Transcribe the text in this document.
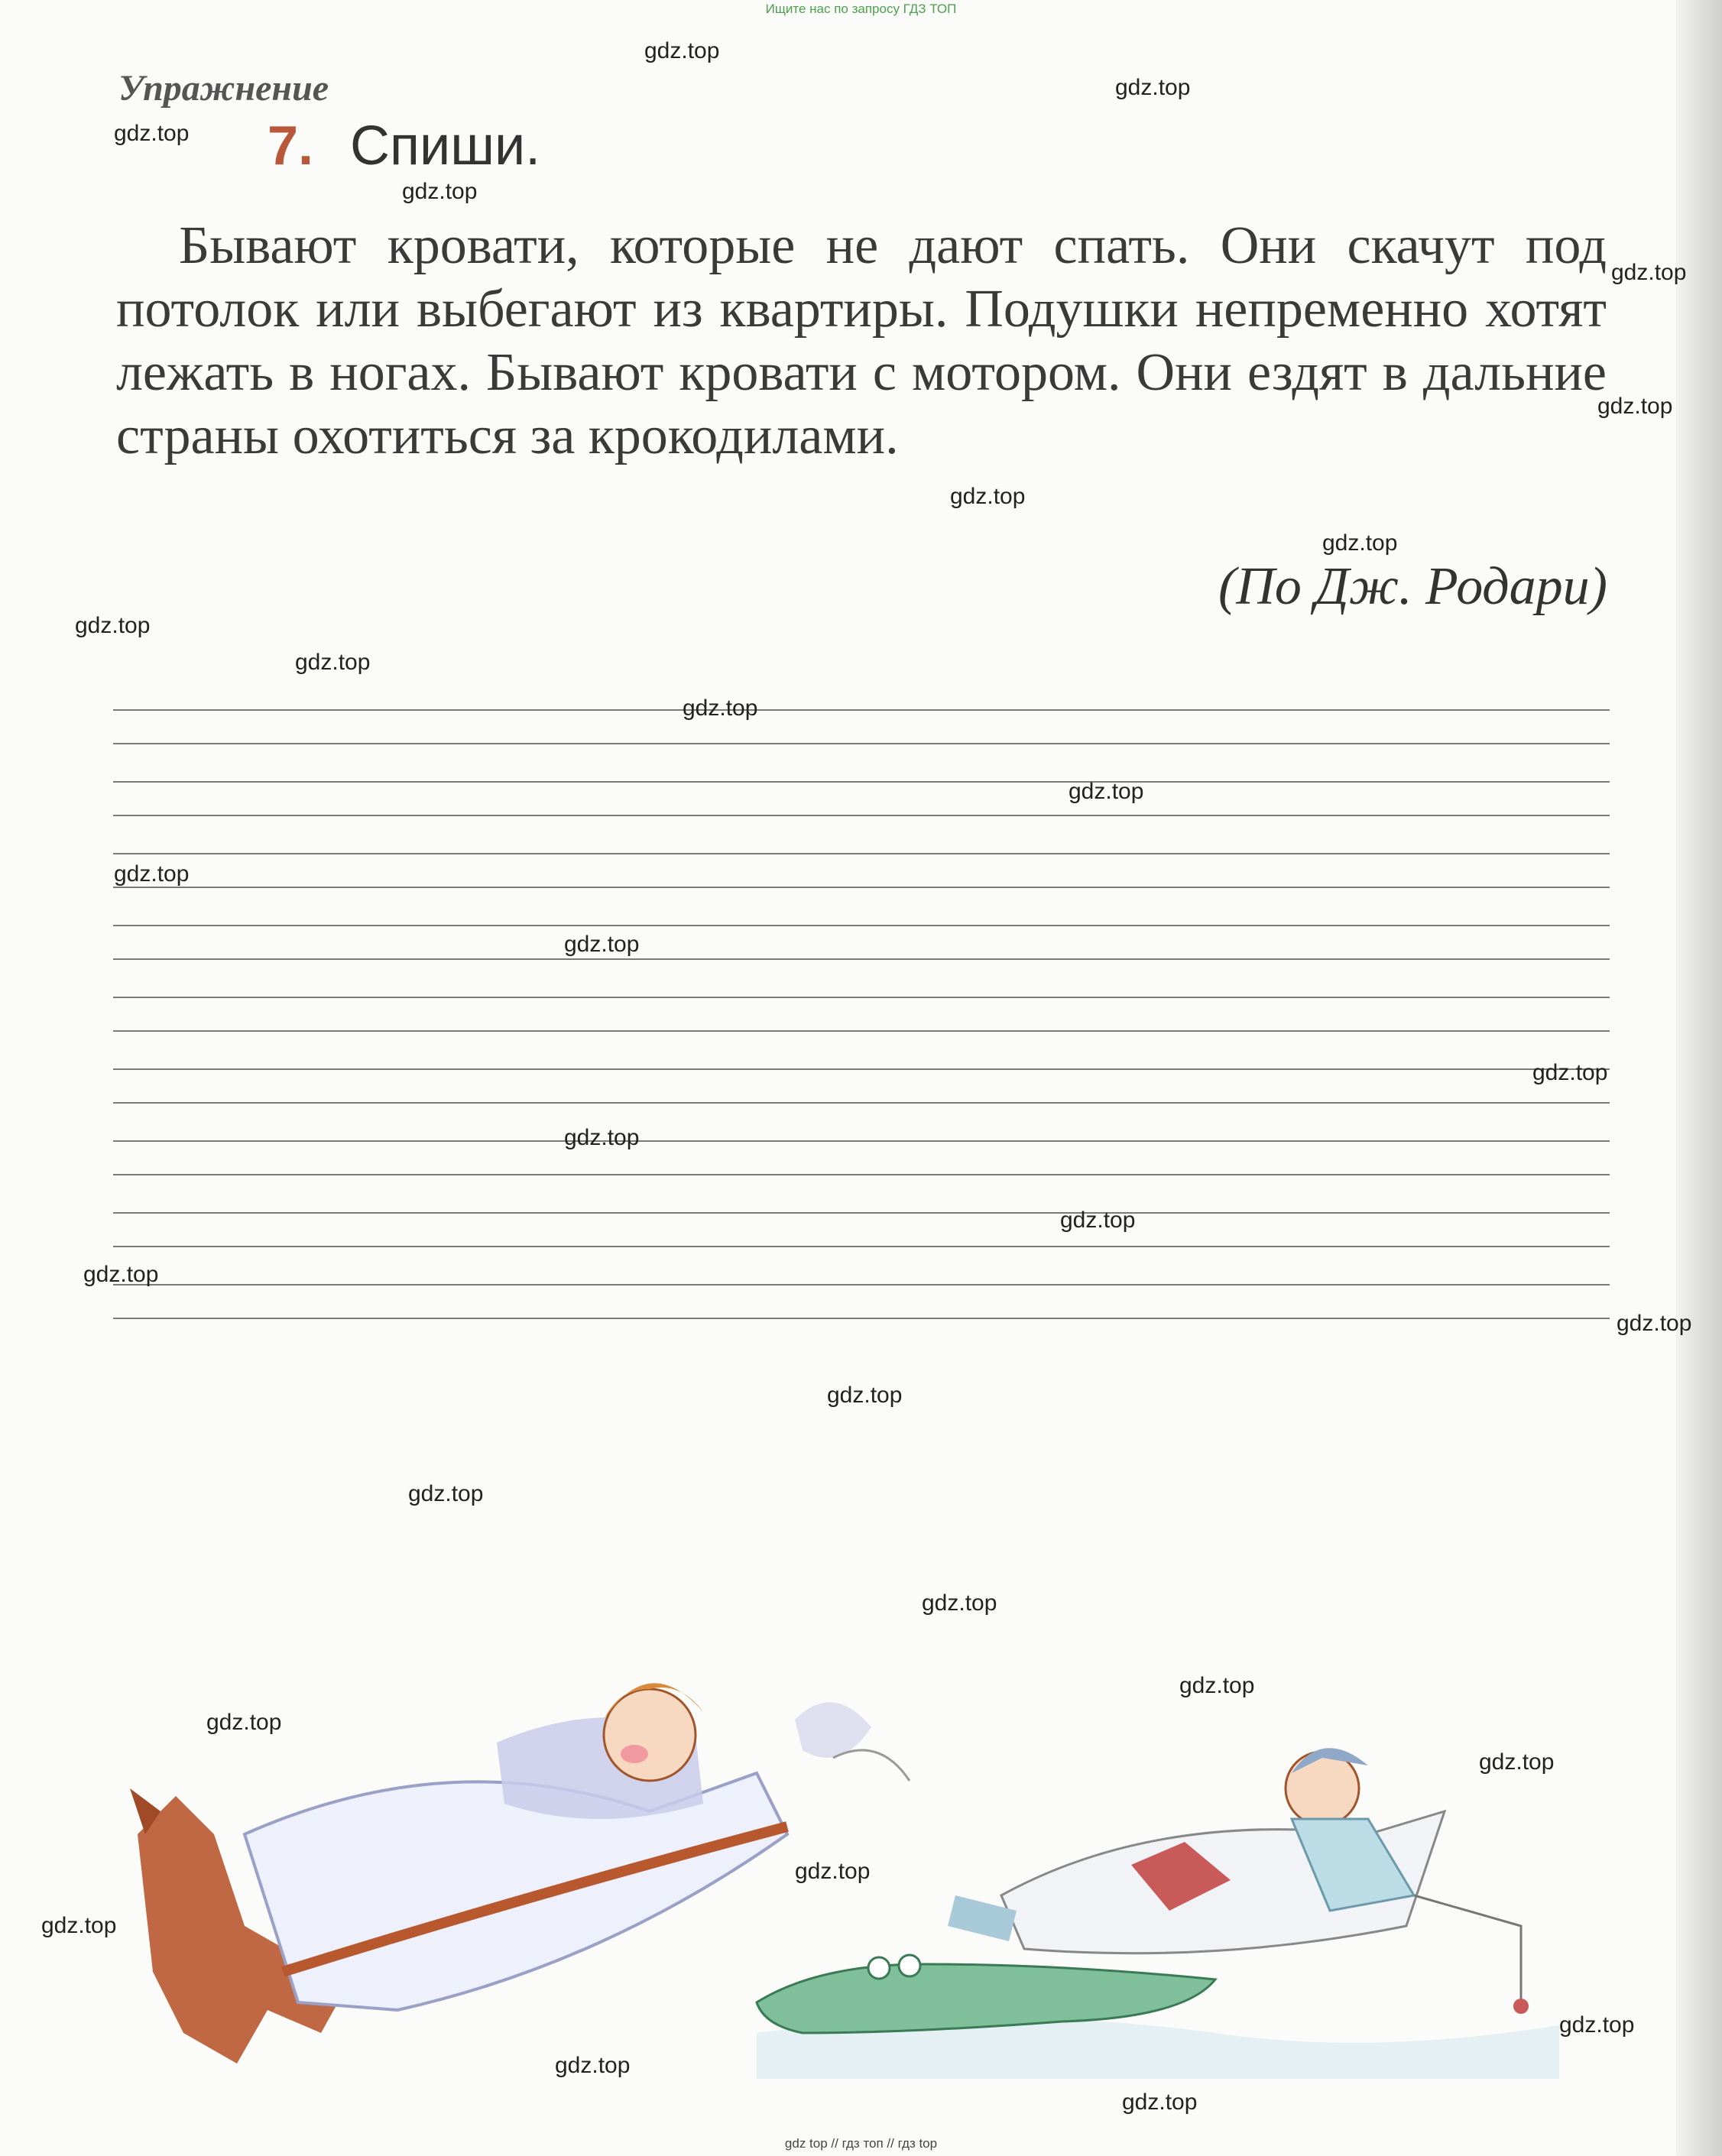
Ищите нас по запросу ГДЗ ТОП
Упражнение
7. Спиши.

Бывают кровати, которые не дают спать. Они скачут под потолок или выбегают из квартиры. Подушки непременно хотят лежать в ногах. Бывают кровати с мотором. Они ездят в дальние страны охотиться за крокодилами.

(По Дж. Родари)
gdz.top
gdz.top
gdz.top
gdz.top
gdz.top
gdz.top
gdz.top
gdz.top
gdz.top
gdz.top
gdz.top
gdz.top
gdz.top
gdz.top
gdz.top
gdz.top
gdz.top
gdz.top
gdz.top
gdz.top
gdz.top
gdz.top
gdz.top
gdz.top
gdz.top
gdz.top
gdz.top
gdz.top
gdz.top
gdz.top
gdz top // гдз топ // гдз top
